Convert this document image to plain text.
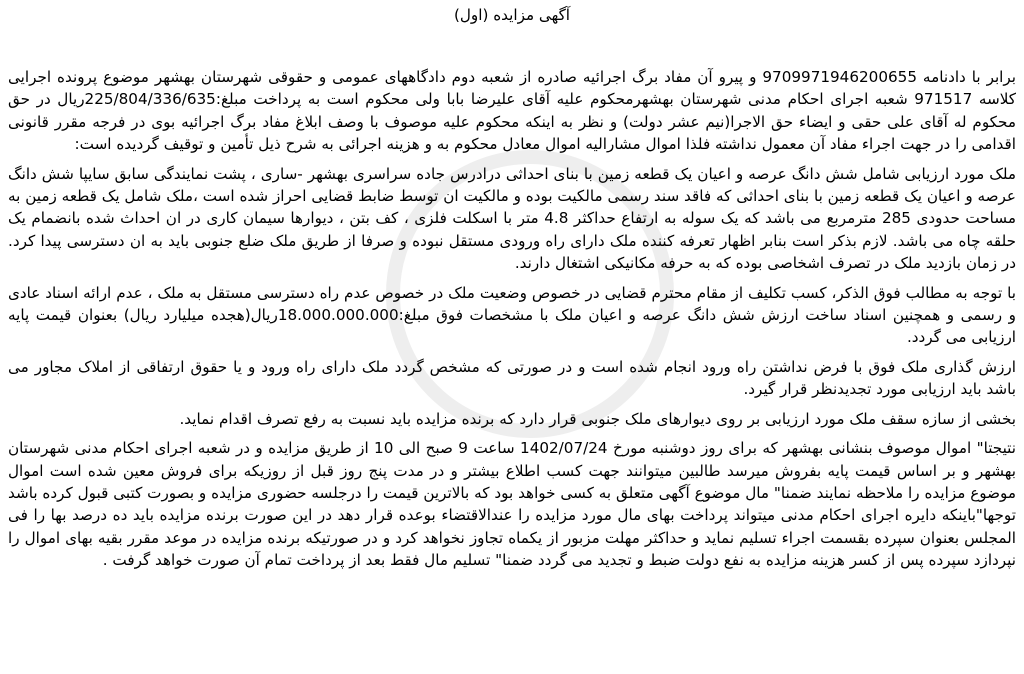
آگهی مزایده (اول)

برابر با دادنامه 9709971946200655 و پیرو آن مفاد برگ اجرائیه صادره از شعبه دوم دادگاههای عمومی و حقوقی شهرستان بهشهر موضوع پرونده اجرایی کلاسه 971517 شعبه اجرای احکام مدنی شهرستان بهشهرمحکوم علیه آقای علیرضا بابا ولی محکوم است به پرداخت مبلغ:225/804/336/635ریال در حق محکوم له آقای علی حقی و ایضاء حق الاجرا(نیم عشر دولت) و نظر به اینکه محکوم علیه موصوف با وصف ابلاغ مفاد برگ اجرائیه بوی در فرجه مقرر قانونی اقدامی را در جهت اجراء مفاد آن معمول نداشته فلذا اموال مشارالیه اموال معادل محکوم به و هزینه اجرائی به شرح ذیل تأمین و توقیف گردیده است:

ملک مورد ارزیابی شامل شش دانگ عرصه و اعیان یک قطعه زمین با بنای احداثی درادرس جاده سراسری بهشهر -ساری ، پشت نمایندگی سابق سایپا شش دانگ عرصه و اعیان یک قطعه زمین با بنای احداثی که فاقد سند رسمی مالکیت بوده و مالکیت ان توسط ضابط قضایی احراز شده است ،ملک شامل یک قطعه زمین به مساحت حدودی 285 مترمربع می باشد که یک سوله به ارتفاع حداکثر 4.8 متر با اسکلت فلزی ، کف بتن ، دیوارها سیمان کاری در ان احداث شده بانضمام یک حلقه چاه می باشد. لازم بذکر است بنابر اظهار تعرفه کننده ملک دارای راه ورودی مستقل نبوده و صرفا از طریق ملک ضلع جنوبی باید به ان دسترسی پیدا کرد. در زمان بازدید ملک در تصرف اشخاصی بوده که به حرفه مکانیکی اشتغال دارند.

با توجه به مطالب فوق الذکر، کسب تکلیف از مقام محترم قضایی در خصوص وضعیت ملک در خصوص عدم راه دسترسی مستقل به ملک ، عدم ارائه اسناد عادی و رسمی و همچنین اسناد ساخت ارزش شش دانگ عرصه و اعیان ملک با مشخصات فوق مبلغ:18.000.000.000ریال(هجده میلیارد ریال) بعنوان قیمت پایه ارزیابی می گردد.

ارزش گذاری ملک فوق با فرض نداشتن راه ورود انجام شده است و در صورتی که مشخص گردد ملک دارای راه ورود و یا حقوق ارتفاقی از املاک مجاور می باشد باید ارزیابی مورد تجدیدنظر قرار گیرد.

بخشی از سازه سقف ملک مورد ارزیابی بر روی دیوارهای ملک جنوبی قرار دارد که برنده مزایده باید نسبت به رفع تصرف اقدام نماید.

نتیجتا" اموال موصوف بنشانی بهشهر که برای روز دوشنبه مورخ 1402/07/24 ساعت 9 صبح الی 10 از طریق مزایده و در شعبه اجرای احکام مدنی شهرستان بهشهر و بر اساس قیمت پایه بفروش میرسد طالبین میتوانند جهت کسب اطلاع بیشتر و در مدت پنج روز قبل از روزیکه برای فروش معین شده است اموال موضوع مزایده را ملاحظه نمایند ضمنا" مال موضوع آگهی متعلق به کسی خواهد بود که بالاترین قیمت را درجلسه حضوری مزایده و بصورت کتبی قبول کرده باشد توجها"باینکه دایره اجرای احکام مدنی میتواند پرداخت بهای مال مورد مزایده را عندالاقتضاء بوعده قرار دهد در این صورت برنده مزایده باید ده درصد بها را فی المجلس بعنوان سپرده بقسمت اجراء تسلیم نماید و حداکثر مهلت مزبور از یکماه تجاوز نخواهد کرد و در صورتیکه برنده مزایده در موعد مقرر بقیه بهای اموال را نپردازد سپرده پس از کسر هزینه مزایده به نفع دولت ضبط و تجدید می گردد ضمنا" تسلیم مال فقط بعد از پرداخت تمام آن صورت خواهد گرفت .
